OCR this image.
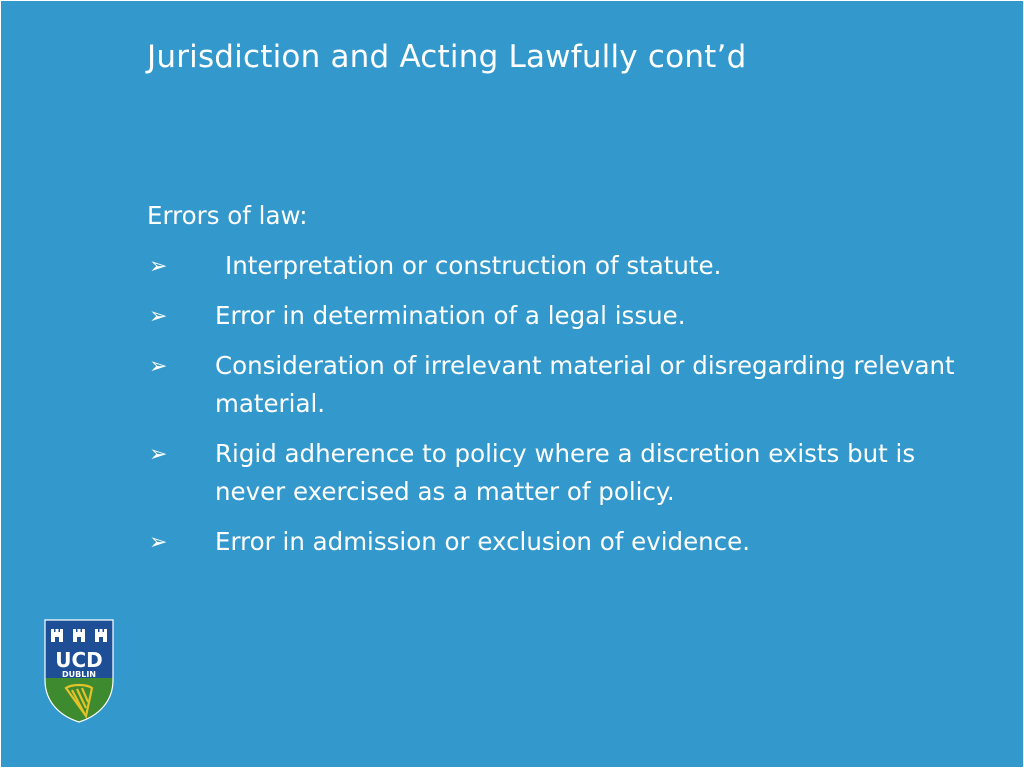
Jurisdiction and Acting Lawfully cont’d
Errors of law:
➢ Interpretation or construction of statute.
➢ Error in determination of a legal issue.
➢ Consideration of irrelevant material or disregarding relevant material.
➢ Rigid adherence to policy where a discretion exists but is never exercised as a matter of policy.
➢ Error in admission or exclusion of evidence.
UCD
DUBLIN
